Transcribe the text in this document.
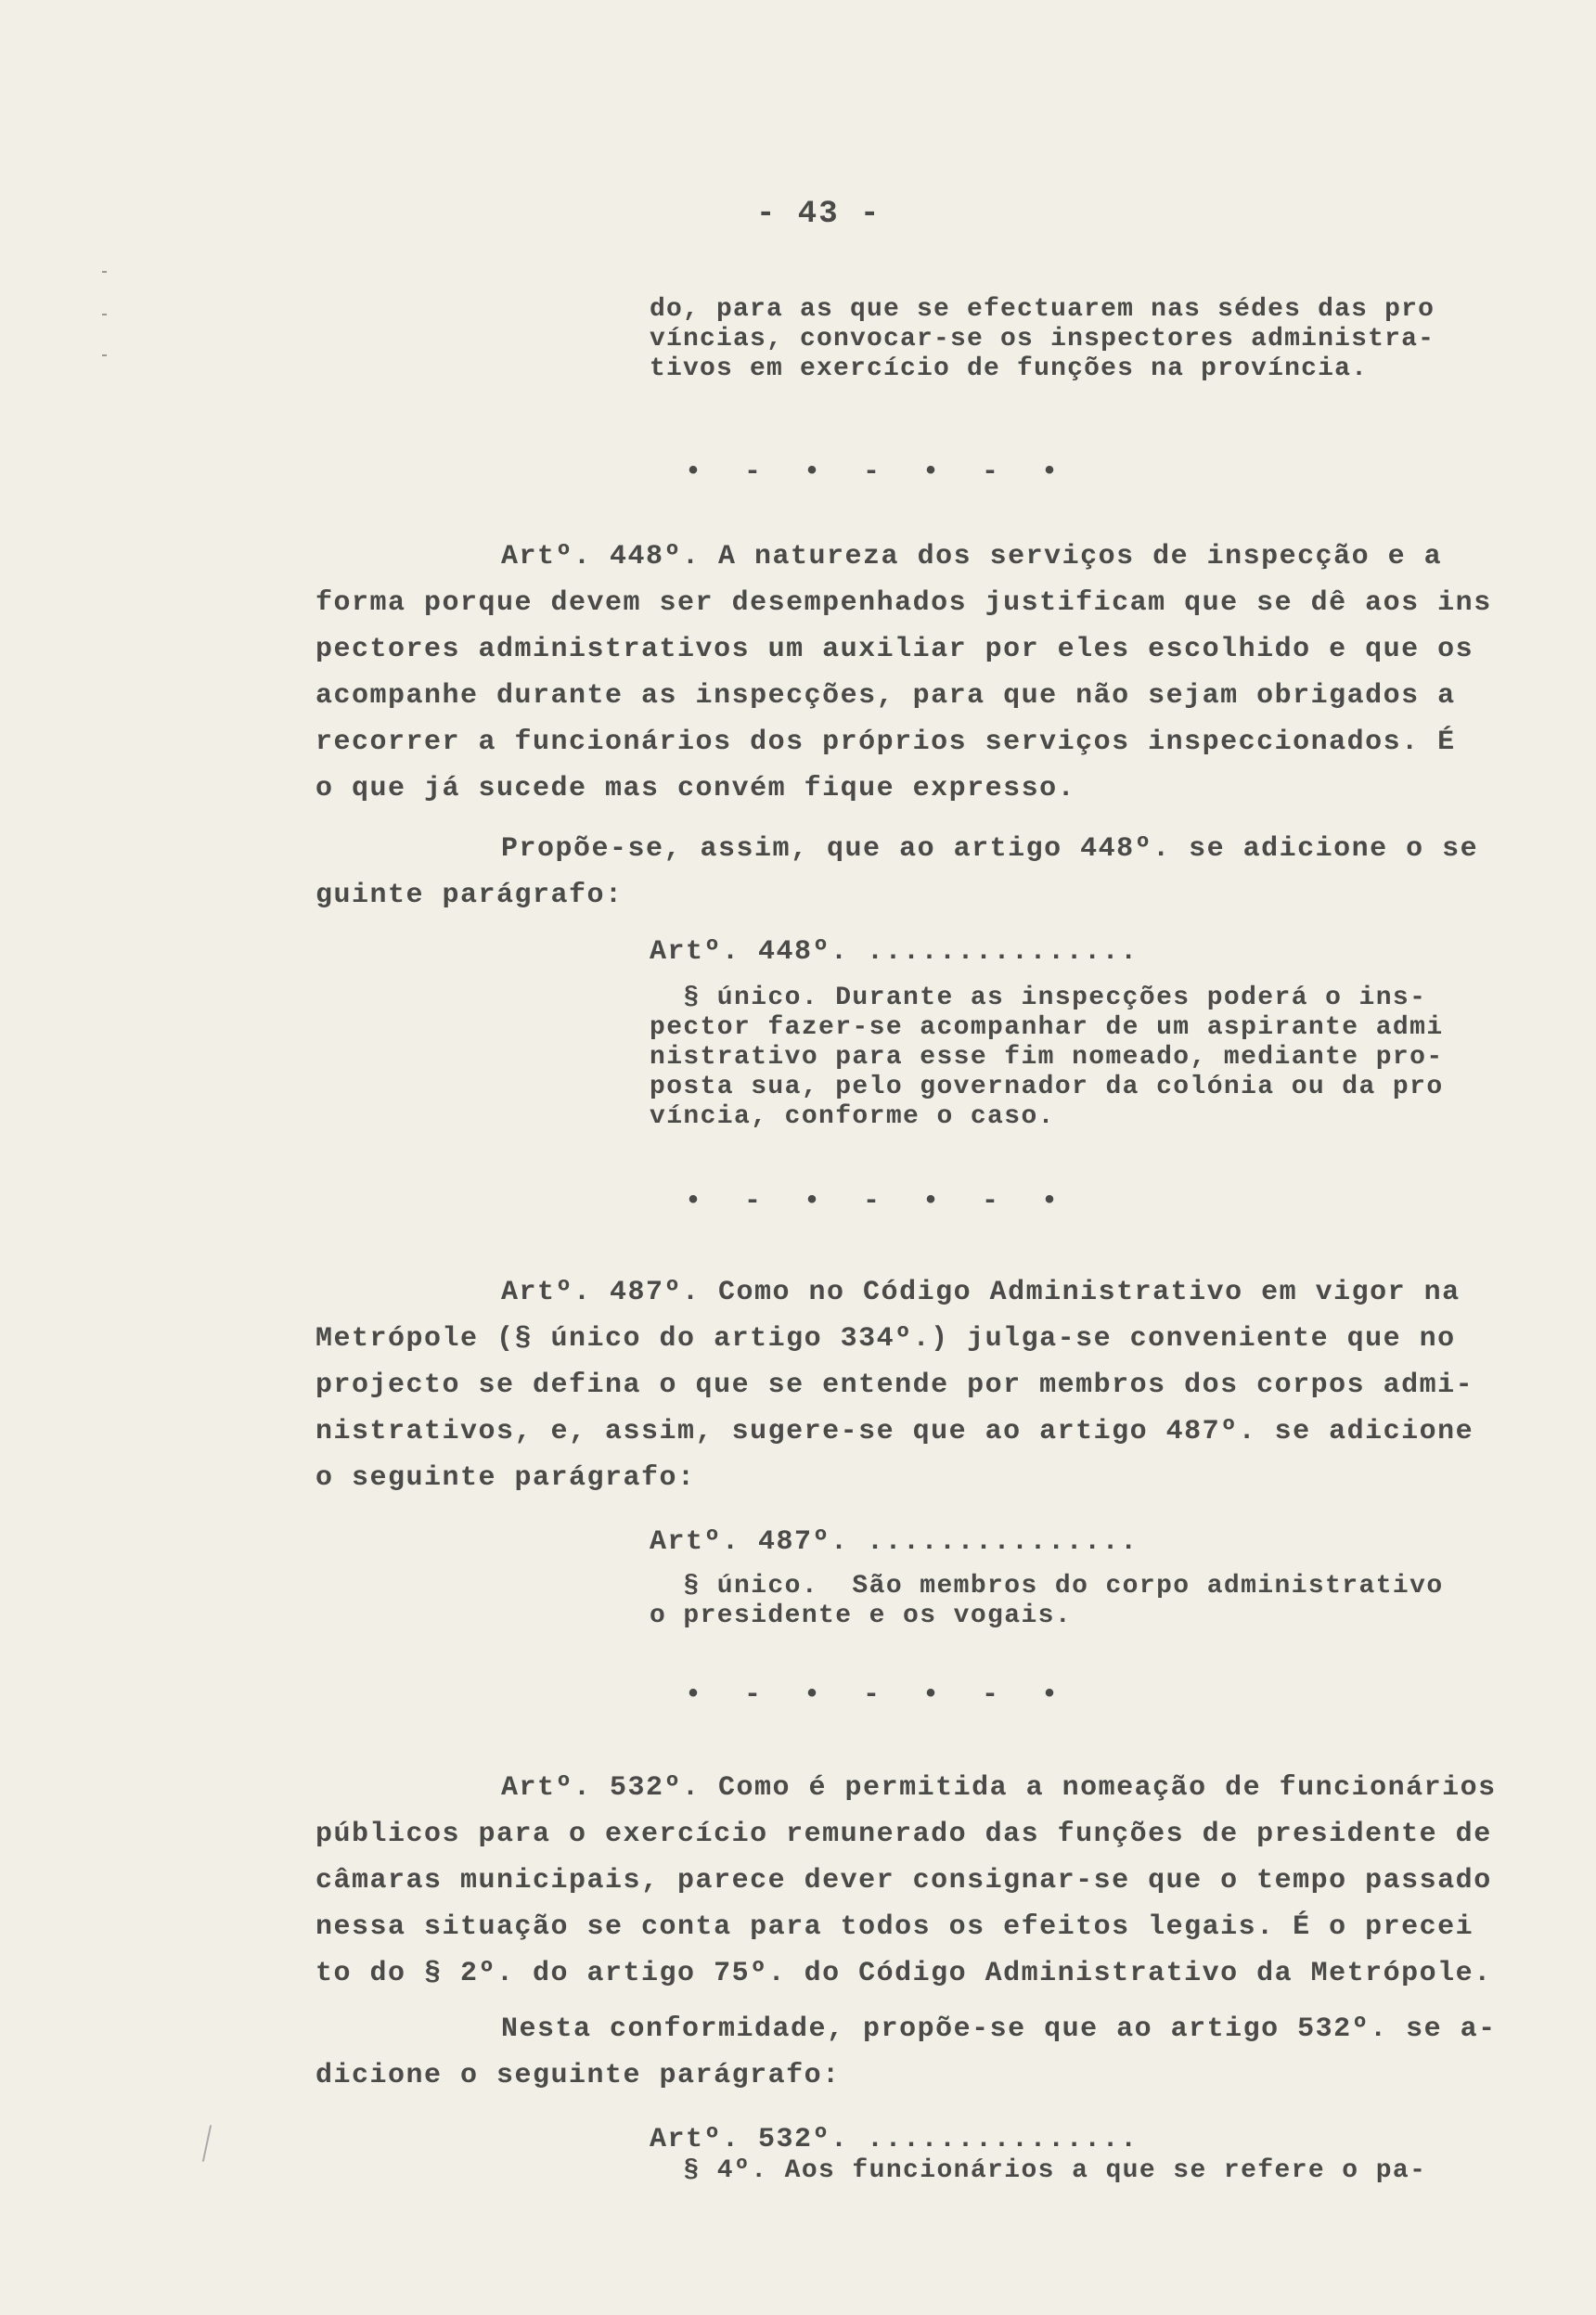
- 43 -
do, para as que se efectuarem nas sédes das pro
víncias, convocar-se os inspectores administra-
tivos em exercício de funções na província.
• - • - • - •
Artº. 448º. A natureza dos serviços de inspecção e a
forma porque devem ser desempenhados justificam que se dê aos ins
pectores administrativos um auxiliar por eles escolhido e que os
acompanhe durante as inspecções, para que não sejam obrigados a
recorrer a funcionários dos próprios serviços inspeccionados. É
o que já sucede mas convém fique expresso.
Propõe-se, assim, que ao artigo 448º. se adicione o se
guinte parágrafo:
Artº. 448º. ...............
§ único. Durante as inspecções poderá o ins-
pector fazer-se acompanhar de um aspirante admi
nistrativo para esse fim nomeado, mediante pro-
posta sua, pelo governador da colónia ou da pro
víncia, conforme o caso.
• - • - • - •
Artº. 487º. Como no Código Administrativo em vigor na
Metrópole (§ único do artigo 334º.) julga-se conveniente que no
projecto se defina o que se entende por membros dos corpos admi-
nistrativos, e, assim, sugere-se que ao artigo 487º. se adicione
o seguinte parágrafo:
Artº. 487º. ...............
§ único.  São membros do corpo administrativo
o presidente e os vogais.
• - • - • - •
Artº. 532º. Como é permitida a nomeação de funcionários
públicos para o exercício remunerado das funções de presidente de
câmaras municipais, parece dever consignar-se que o tempo passado
nessa situação se conta para todos os efeitos legais. É o precei
to do § 2º. do artigo 75º. do Código Administrativo da Metrópole.
Nesta conformidade, propõe-se que ao artigo 532º. se a-
dicione o seguinte parágrafo:
Artº. 532º. ...............
§ 4º. Aos funcionários a que se refere o pa-
